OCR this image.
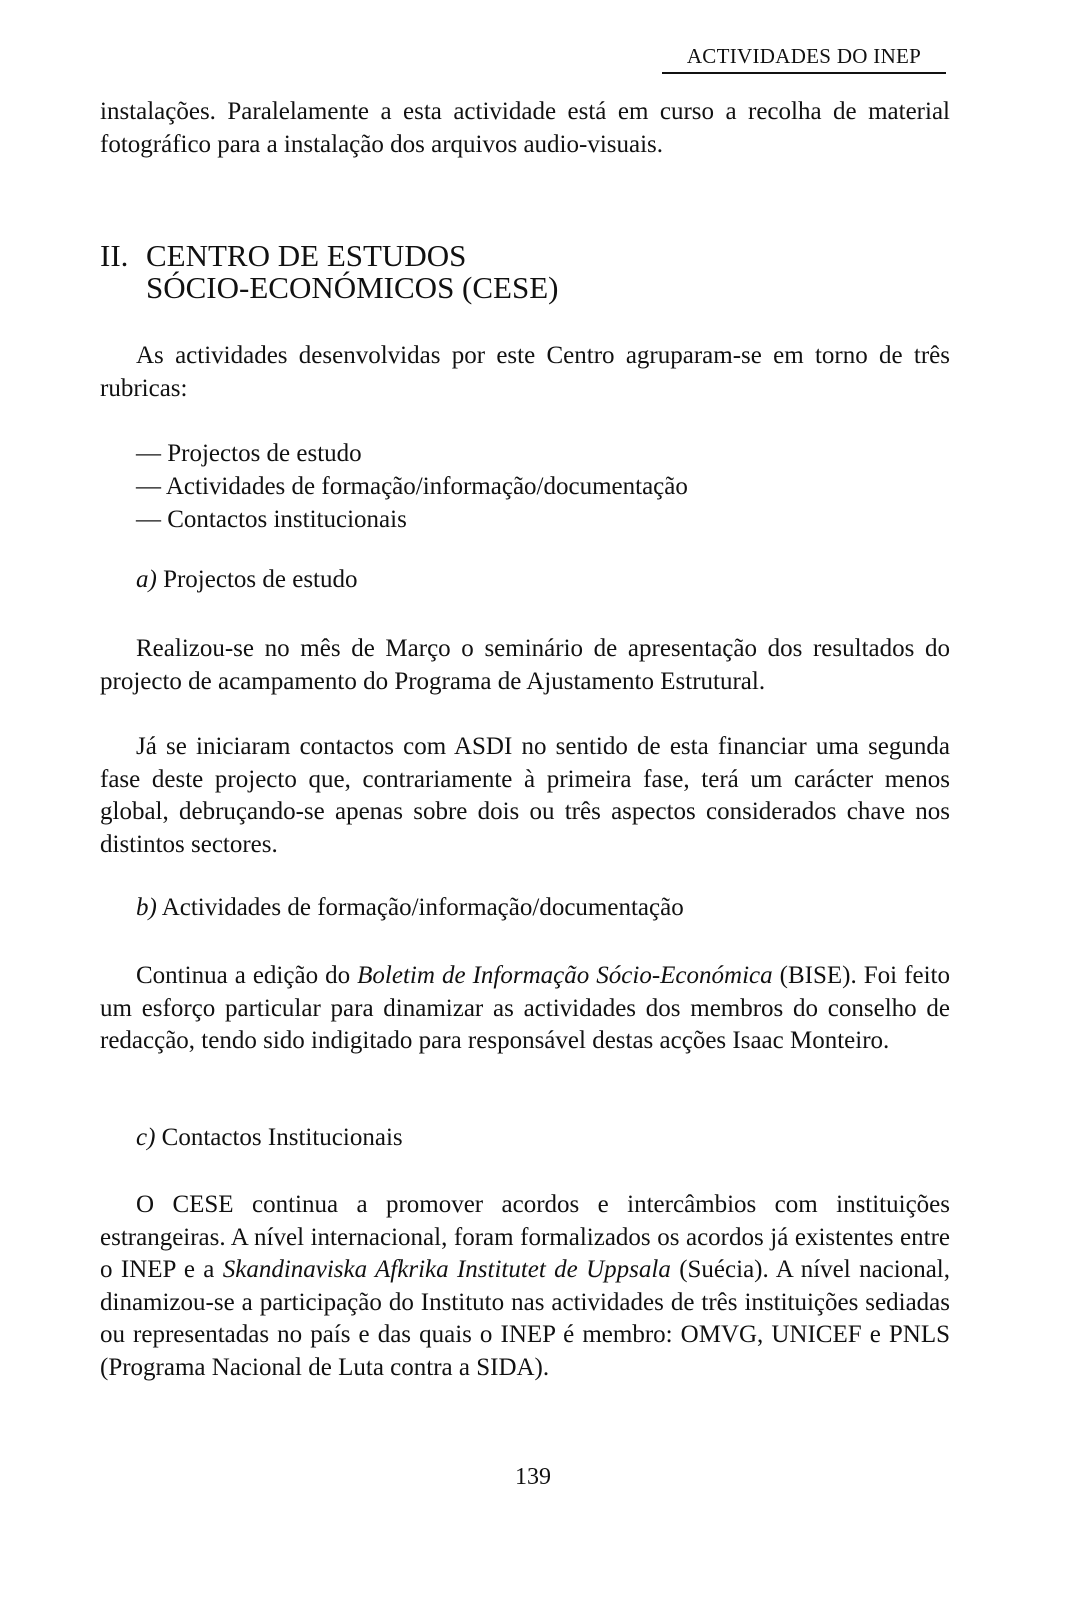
ACTIVIDADES DO INEP

instalações. Paralelamente a esta actividade está em curso a recolha de material fotográfico para a instalação dos arquivos audio-visuais.

II. CENTRO DE ESTUDOS
SÓCIO-ECONÓMICOS (CESE)

As actividades desenvolvidas por este Centro agruparam-se em torno de três rubricas:

— Projectos de estudo
— Actividades de formação/informação/documentação
— Contactos institucionais
a) Projectos de estudo

Realizou-se no mês de Março o seminário de apresentação dos resultados do projecto de acampamento do Programa de Ajustamento Estrutural.

Já se iniciaram contactos com ASDI no sentido de esta financiar uma segunda fase deste projecto que, contrariamente à primeira fase, terá um carácter menos global, debruçando-se apenas sobre dois ou três aspectos considerados chave nos distintos sectores.

b) Actividades de formação/informação/documentação

Continua a edição do Boletim de Informação Sócio-Económica (BISE). Foi feito um esforço particular para dinamizar as actividades dos membros do conselho de redacção, tendo sido indigitado para responsável destas acções Isaac Monteiro.

c) Contactos Institucionais

O CESE continua a promover acordos e intercâmbios com instituições estrangeiras. A nível internacional, foram formalizados os acordos já existentes entre o INEP e a Skandinaviska Afkrika Institutet de Uppsala (Suécia). A nível nacional, dinamizou-se a participação do Instituto nas actividades de três instituições sediadas ou representadas no país e das quais o INEP é membro: OMVG, UNICEF e PNLS (Programa Nacional de Luta contra a SIDA).

139
